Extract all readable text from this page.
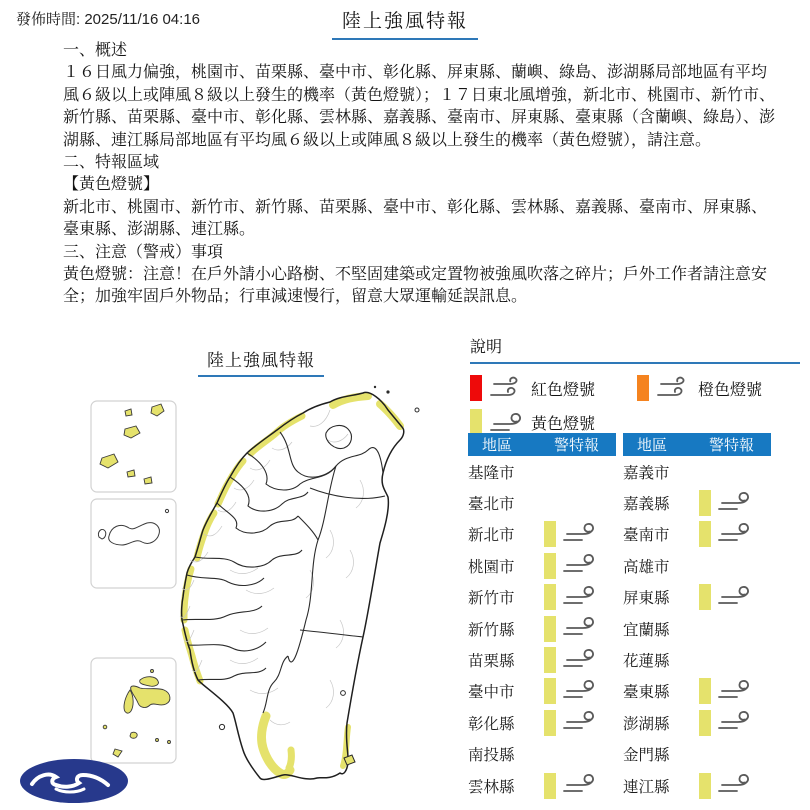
發佈時間: 2025/11/16 04:16	陸上強風特報
一、概述
１６日風力偏強，桃園市、苗栗縣、臺中市、彰化縣、屏東縣、蘭嶼、綠島、澎湖縣局部地區有平均風６級以上或陣風８級以上發生的機率（黃色燈號）；１７日東北風增強，新北市、桃園市、新竹市、新竹縣、苗栗縣、臺中市、彰化縣、雲林縣、嘉義縣、臺南市、屏東縣、臺東縣（含蘭嶼、綠島）、澎湖縣、連江縣局部地區有平均風６級以上或陣風８級以上發生的機率（黃色燈號），請注意。
二、特報區域
【黃色燈號】
新北市、桃園市、新竹市、新竹縣、苗栗縣、臺中市、彰化縣、雲林縣、嘉義縣、臺南市、屏東縣、臺東縣、澎湖縣、連江縣。
三、注意（警戒）事項
黃色燈號：注意！在戶外請小心路樹、不堅固建築或定置物被強風吹落之碎片；戶外工作者請注意安全；加強牢固戶外物品；行車減速慢行，留意大眾運輸延誤訊息。
陸上強風特報
說明
紅色燈號	橙色燈號
黃色燈號
地區	警特報
基隆市
臺北市
新北市
桃園市
新竹市
新竹縣
苗栗縣
臺中市
彰化縣
南投縣
雲林縣
地區	警特報
嘉義市
嘉義縣
臺南市
高雄市
屏東縣
宜蘭縣
花蓮縣
臺東縣
澎湖縣
金門縣
連江縣
